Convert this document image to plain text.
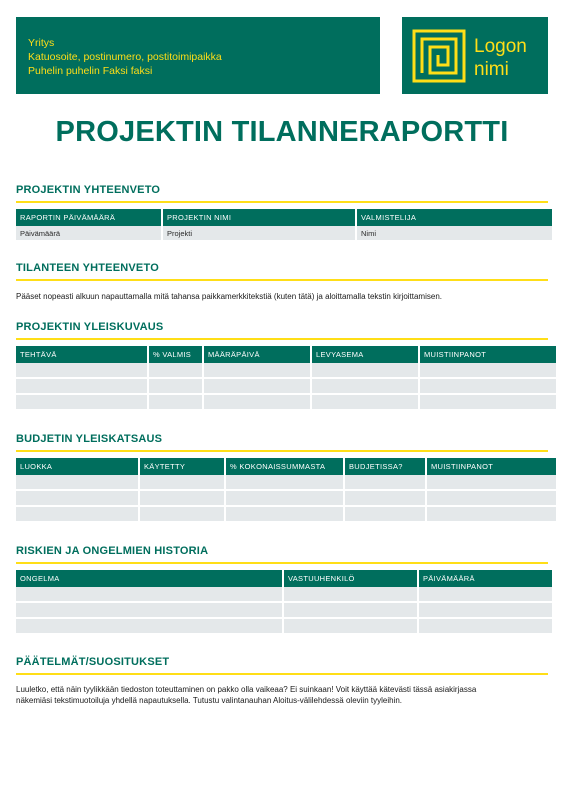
Yritys
Katuosoite, postinumero, postitoimipaikka
Puhelin puhelin Faksi faksi
Logon
nimi
PROJEKTIN TILANNERAPORTTI
PROJEKTIN YHTEENVETO
RAPORTIN PÄIVÄMÄÄRÄ	PROJEKTIN NIMI	VALMISTELIJA
Päivämäärä	Projekti	Nimi
TILANTEEN YHTEENVETO
Pääset nopeasti alkuun napauttamalla mitä tahansa paikkamerkkitekstiä (kuten tätä) ja aloittamalla tekstin kirjoittamisen.
PROJEKTIN YLEISKUVAUS
TEHTÄVÄ	% VALMIS	MÄÄRÄPÄIVÄ	LEVYASEMA	MUISTIINPANOT

BUDJETIN YLEISKATSAUS
LUOKKA	KÄYTETTY	% KOKONAISSUMMASTA	BUDJETISSA?	MUISTIINPANOT

RISKIEN JA ONGELMIEN HISTORIA
ONGELMA	VASTUUHENKILÖ	PÄIVÄMÄÄRÄ

PÄÄTELMÄT/SUOSITUKSET
Luuletko, että näin tyylikkään tiedoston toteuttaminen on pakko olla vaikeaa? Ei suinkaan! Voit käyttää kätevästi tässä asiakirjassa
näkemiäsi tekstimuotoiluja yhdellä napautuksella. Tutustu valintanauhan Aloitus-välilehdessä oleviin tyyleihin.
